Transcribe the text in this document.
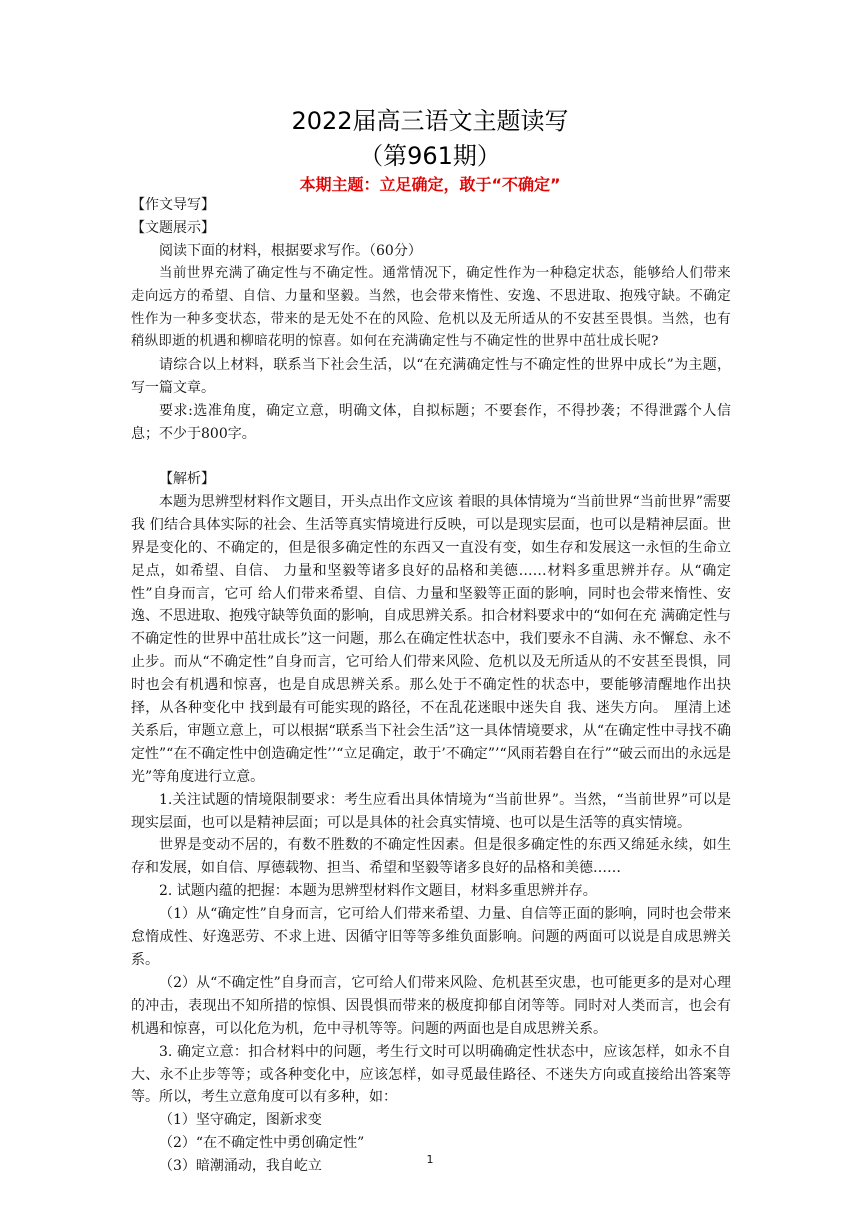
2022届高三语文主题读写
（第961期）
本期主题：立足确定，敢于“不确定”

【作文导写】

【文题展示】

阅读下面的材料，根据要求写作。（60分）

当前世界充满了确定性与不确定性。通常情况下，确定性作为一种稳定状态，能够给人们带来走向远方的希望、自信、力量和坚毅。当然，也会带来惰性、安逸、不思进取、抱残守缺。不确定性作为一种多变状态，带来的是无处不在的风险、危机以及无所适从的不安甚至畏惧。当然，也有稍纵即逝的机遇和柳暗花明的惊喜。如何在充满确定性与不确定性的世界中茁壮成长呢?

请综合以上材料，联系当下社会生活，以“在充满确定性与不确定性的世界中成长”为主题，写一篇文章。

要求:选准角度，确定立意，明确文体，自拟标题；不要套作，不得抄袭；不得泄露个人信息；不少于800字。

【解析】

本题为思辨型材料作文题目，开头点出作文应该 着眼的具体情境为“当前世界“当前世界”需要我 们结合具体实际的社会、生活等真实情境进行反映，可以是现实层面，也可以是精神层面。世界是变化的、不确定的，但是很多确定性的东西又一直没有变，如生存和发展这一永恒的生命立足点，如希望、自信、 力量和坚毅等诸多良好的品格和美德……材料多重思辨并存。从“确定性”自身而言，它可 给人们带来希望、自信、力量和坚毅等正面的影响，同时也会带来惰性、安逸、不思进取、抱残守缺等负面的影响，自成思辨关系。扣合材料要求中的“如何在充 满确定性与不确定性的世界中茁壮成长”这一问题，那么在确定性状态中，我们要永不自满、永不懈怠、永不止步。而从“不确定性”自身而言，它可给人们带来风险、危机以及无所适从的不安甚至畏惧，同时也会有机遇和惊喜，也是自成思辨关系。那么处于不确定性的状态中，要能够清醒地作出抉择，从各种变化中 找到最有可能实现的路径，不在乱花迷眼中迷失自 我、迷失方向。　厘清上述关系后，审题立意上，可以根据“联系当下社会生活”这一具体情境要求，从“在确定性中寻找不确定性”“在不确定性中创造确定性’’“立足确定，敢于’不确定”’“风雨若磐自在行”“破云而出的永远是光”等角度进行立意。

1.关注试题的情境限制要求：考生应看出具体情境为“当前世界”。当然，“当前世界”可以是现实层面，也可以是精神层面；可以是具体的社会真实情境、也可以是生活等的真实情境。

世界是变动不居的，有数不胜数的不确定性因素。但是很多确定性的东西又绵延永续，如生存和发展，如自信、厚德载物、担当、希望和坚毅等诸多良好的品格和美德……

2. 试题内蕴的把握：本题为思辨型材料作文题目，材料多重思辨并存。

（1）从“确定性”自身而言，它可给人们带来希望、力量、自信等正面的影响，同时也会带来怠惰成性、好逸恶劳、不求上进、因循守旧等等多维负面影响。问题的两面可以说是自成思辨关系。

（2）从“不确定性”自身而言，它可给人们带来风险、危机甚至灾患，也可能更多的是对心理的冲击，表现出不知所措的惊惧、因畏惧而带来的极度抑郁自闭等等。同时对人类而言，也会有机遇和惊喜，可以化危为机，危中寻机等等。问题的两面也是自成思辨关系。

3. 确定立意：扣合材料中的问题，考生行文时可以明确确定性状态中，应该怎样，如永不自大、永不止步等等；或各种变化中，应该怎样，如寻觅最佳路径、不迷失方向或直接给出答案等等。所以，考生立意角度可以有多种，如：

（1）坚守确定，图新求变

（2）“在不确定性中勇创确定性”

（3）暗潮涌动，我自屹立	1
